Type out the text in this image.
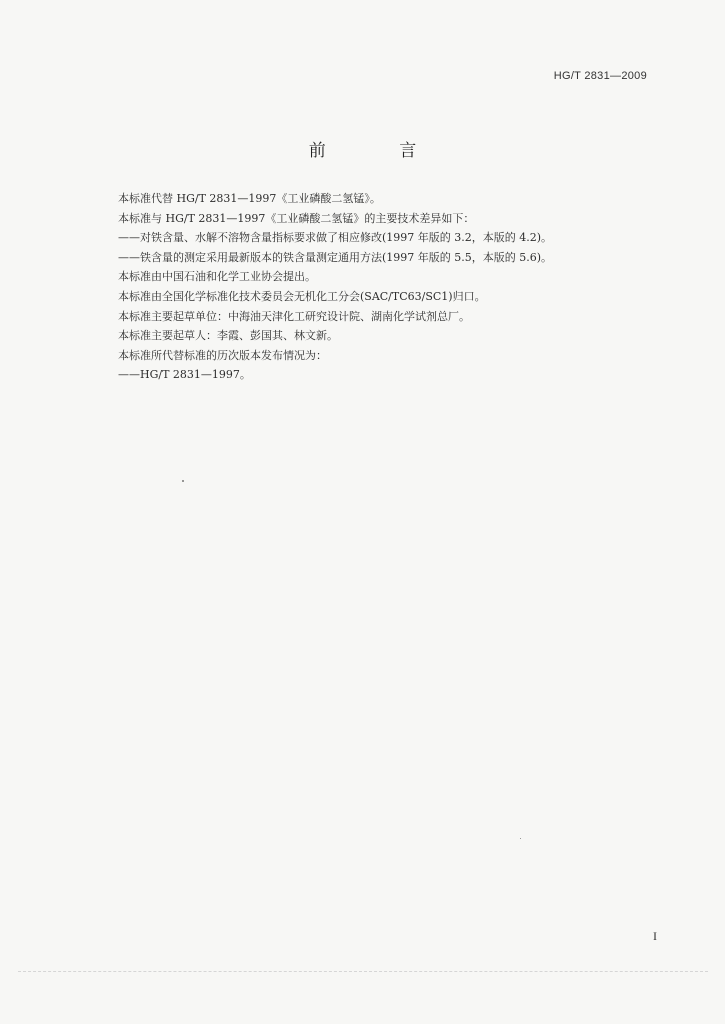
HG/T 2831—2009
前 言

本标准代替 HG/T 2831—1997《工业磷酸二氢锰》。

本标准与 HG/T 2831—1997《工业磷酸二氢锰》的主要技术差异如下：

——对铁含量、水解不溶物含量指标要求做了相应修改(1997 年版的 3.2，本版的 4.2)。

——铁含量的测定采用最新版本的铁含量测定通用方法(1997 年版的 5.5，本版的 5.6)。

本标准由中国石油和化学工业协会提出。

本标准由全国化学标准化技术委员会无机化工分会(SAC/TC63/SC1)归口。

本标准主要起草单位：中海油天津化工研究设计院、湖南化学试剂总厂。

本标准主要起草人：李霞、彭国其、林文新。

本标准所代替标准的历次版本发布情况为：

——HG/T 2831—1997。

I
